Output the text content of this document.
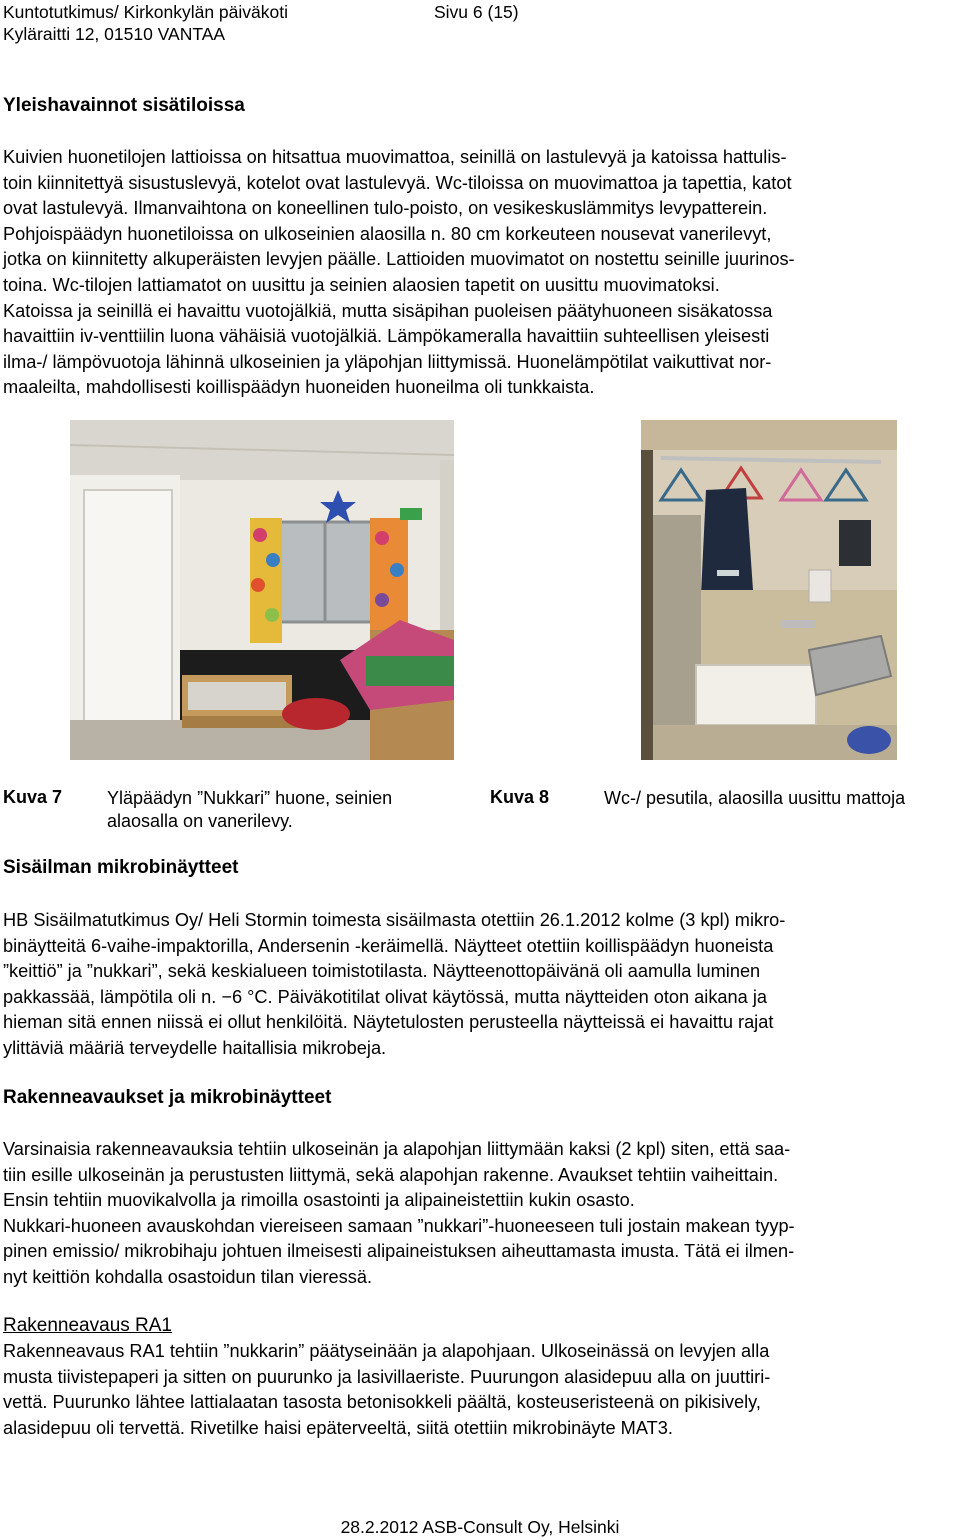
Kuntotutkimus/ Kirkonkylän päiväkoti	Sivu 6 (15)
Kyläraitti 12, 01510 VANTAA
Yleishavainnot sisätiloissa
Kuivien huonetilojen lattioissa on hitsattua muovimattoa, seinillä on lastulevyä ja katoissa hattulis-
toin kiinnitettyä sisustuslevyä, kotelot ovat lastulevyä. Wc-tiloissa on muovimattoa ja tapettia, katot
ovat lastulevyä. Ilmanvaihtona on koneellinen tulo-poisto, on vesikeskuslämmitys levypatterein.
Pohjoispäädyn huonetiloissa on ulkoseinien alaosilla n. 80 cm korkeuteen nousevat vanerilevyt,
jotka on kiinnitetty alkuperäisten levyjen päälle. Lattioiden muovimatot on nostettu seinille juurinos-
toina. Wc-tilojen lattiamatot on uusittu ja seinien alaosien tapetit on uusittu muovimatoksi.
Katoissa ja seinillä ei havaittu vuotojälkiä, mutta sisäpihan puoleisen päätyhuoneen sisäkatossa
havaittiin iv-venttiilin luona vähäisiä vuotojälkiä. Lämpökameralla havaittiin suhteellisen yleisesti
ilma-/ lämpövuotoja lähinnä ulkoseinien ja yläpohjan liittymissä. Huonelämpötilat vaikuttivat nor-
maaleilta, mahdollisesti koillispäädyn huoneiden huoneilma oli tunkkaista.
Kuva 7 Yläpäädyn ”Nukkari” huone, seinien
alaosalla on vanerilevy.
Kuva 8	Wc-/ pesutila, alaosilla uusittu mattoja
Sisäilman mikrobinäytteet
HB Sisäilmatutkimus Oy/ Heli Stormin toimesta sisäilmasta otettiin 26.1.2012 kolme (3 kpl) mikro-
binäytteitä 6-vaihe-impaktorilla, Andersenin -keräimellä. Näytteet otettiin koillispäädyn huoneista
”keittiö” ja ”nukkari”, sekä keskialueen toimistotilasta. Näytteenottopäivänä oli aamulla luminen
pakkassää, lämpötila oli n. −6 °C. Päiväkotitilat olivat käytössä, mutta näytteiden oton aikana ja
hieman sitä ennen niissä ei ollut henkilöitä. Näytetulosten perusteella näytteissä ei havaittu rajat
ylittäviä määriä terveydelle haitallisia mikrobeja.
Rakenneavaukset ja mikrobinäytteet
Varsinaisia rakenneavauksia tehtiin ulkoseinän ja alapohjan liittymään kaksi (2 kpl) siten, että saa-
tiin esille ulkoseinän ja perustusten liittymä, sekä alapohjan rakenne. Avaukset tehtiin vaiheittain.
Ensin tehtiin muovikalvolla ja rimoilla osastointi ja alipaineistettiin kukin osasto.
Nukkari-huoneen avauskohdan viereiseen samaan ”nukkari”-huoneeseen tuli jostain makean tyyp-
pinen emissio/ mikrobihaju johtuen ilmeisesti alipaineistuksen aiheuttamasta imusta. Tätä ei ilmen-
nyt keittiön kohdalla osastoidun tilan vieressä.
Rakenneavaus RA1
Rakenneavaus RA1 tehtiin ”nukkarin” päätyseinään ja alapohjaan. Ulkoseinässä on levyjen alla
musta tiivistepaperi ja sitten on puurunko ja lasivillaeriste. Puurungon alasidepuu alla on juuttiri-
vettä. Puurunko lähtee lattialaatan tasosta betonisokkeli päältä, kosteuseristeenä on pikisively,
alasidepuu oli tervettä. Rivetilke haisi epäterveeltä, siitä otettiin mikrobinäyte MAT3.
28.2.2012 ASB-Consult Oy, Helsinki
